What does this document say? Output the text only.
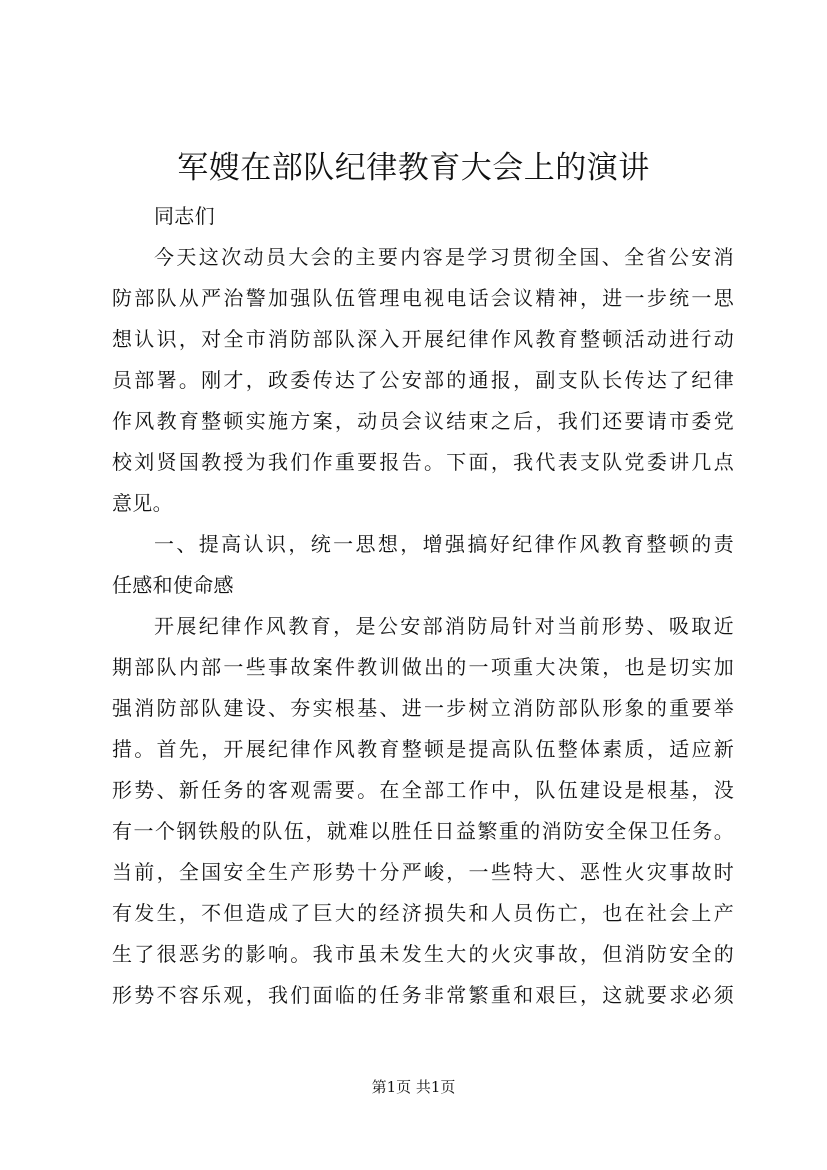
军嫂在部队纪律教育大会上的演讲
同志们
今天这次动员大会的主要内容是学习贯彻全国、全省公安消
防部队从严治警加强队伍管理电视电话会议精神，进一步统一思
想认识，对全市消防部队深入开展纪律作风教育整顿活动进行动
员部署。刚才，政委传达了公安部的通报，副支队长传达了纪律
作风教育整顿实施方案，动员会议结束之后，我们还要请市委党
校刘贤国教授为我们作重要报告。下面，我代表支队党委讲几点
意见。
一、提高认识，统一思想，增强搞好纪律作风教育整顿的责
任感和使命感
开展纪律作风教育，是公安部消防局针对当前形势、吸取近
期部队内部一些事故案件教训做出的一项重大决策，也是切实加
强消防部队建设、夯实根基、进一步树立消防部队形象的重要举
措。首先，开展纪律作风教育整顿是提高队伍整体素质，适应新
形势、新任务的客观需要。在全部工作中，队伍建设是根基，没
有一个钢铁般的队伍，就难以胜任日益繁重的消防安全保卫任务。
当前，全国安全生产形势十分严峻，一些特大、恶性火灾事故时
有发生，不但造成了巨大的经济损失和人员伤亡，也在社会上产
生了很恶劣的影响。我市虽未发生大的火灾事故，但消防安全的
形势不容乐观，我们面临的任务非常繁重和艰巨，这就要求必须
第1页 共1页
